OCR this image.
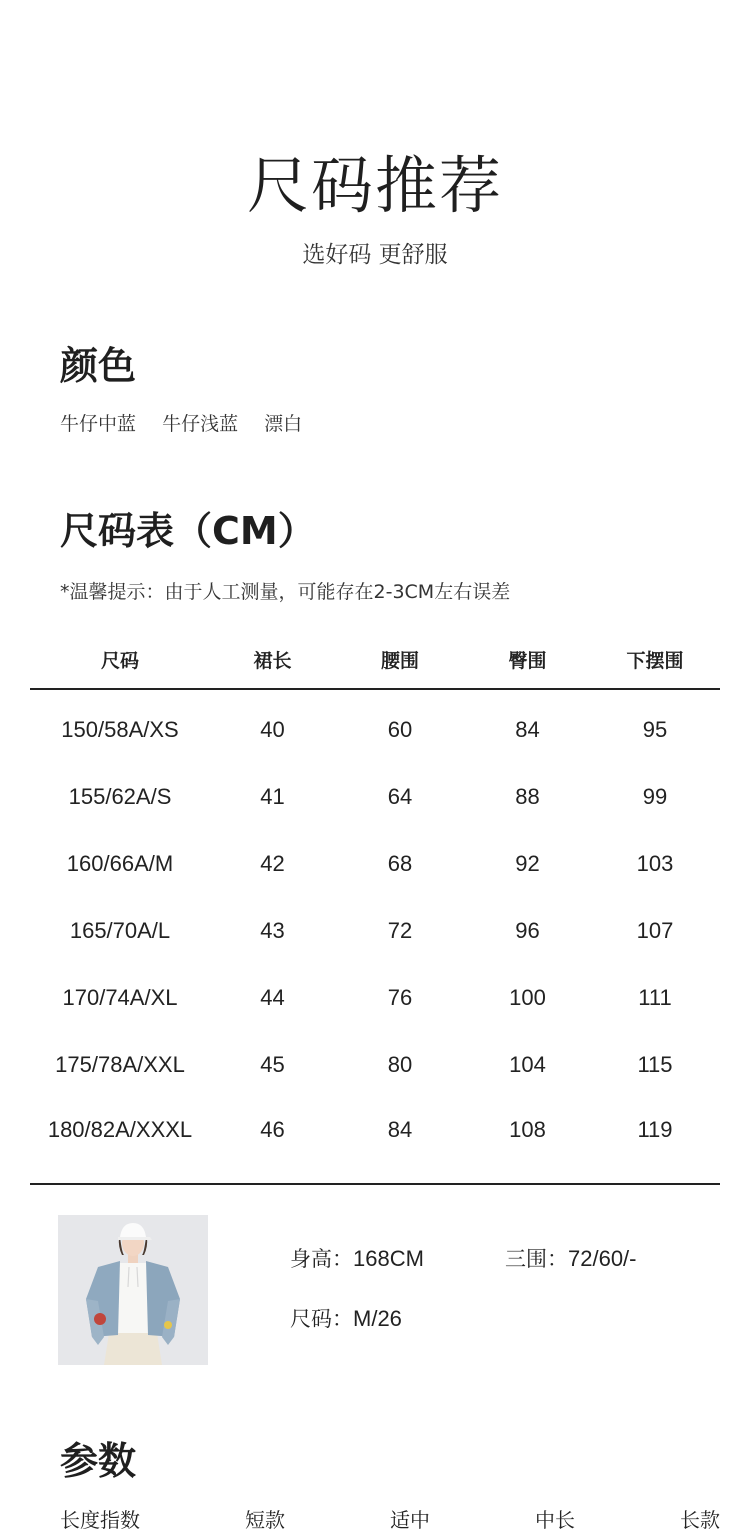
尺码推荐
选好码 更舒服
颜色
牛仔中蓝 牛仔浅蓝 漂白
尺码表（CM）
*温馨提示：由于人工测量，可能存在2-3CM左右误差
尺码	裙长	腰围	臀围	下摆围
150/58A/XS	40	60	84	95
155/62A/S	41	64	88	99
160/66A/M	42	68	92	103
165/70A/L	43	72	96	107
170/74A/XL	44	76	100	111
175/78A/XXL	45	80	104	115
180/82A/XXXL	46	84	108	119
身高：168CM	三围：72/60/-
尺码：M/26
参数
长度指数	短款	适中	中长	长款
